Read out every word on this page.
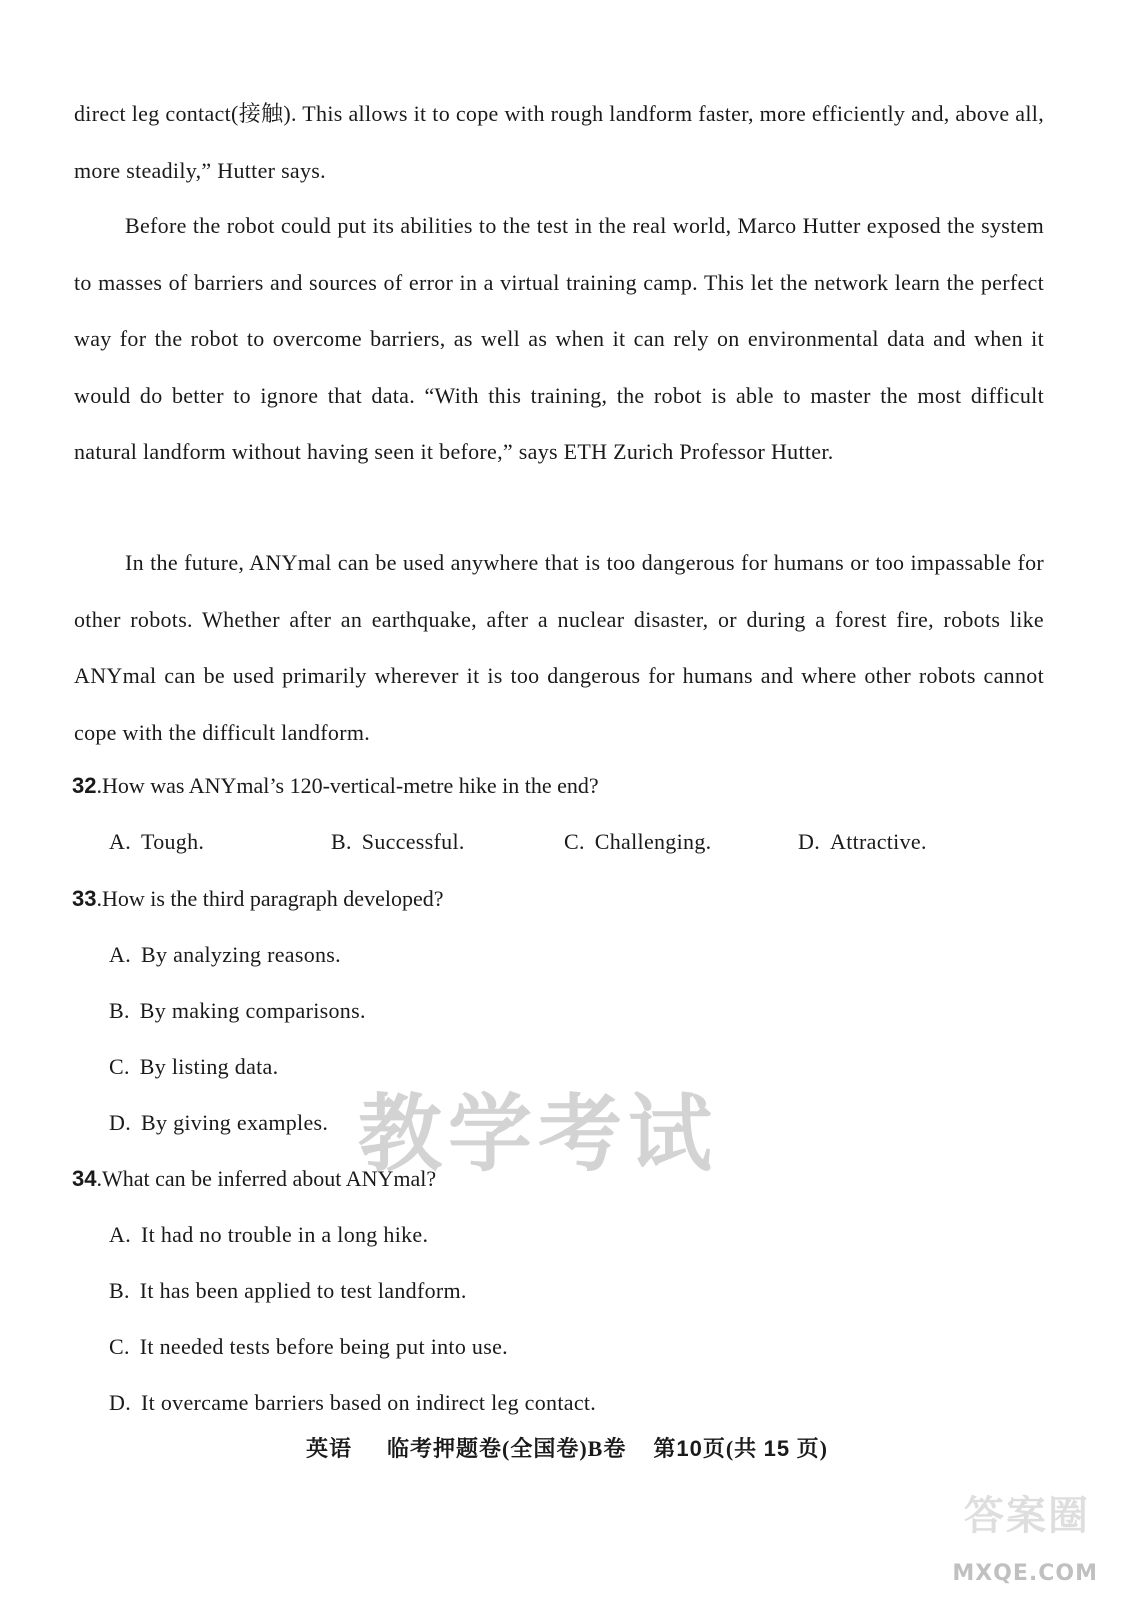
direct leg contact(接触). This allows it to cope with rough landform faster, more efficiently and, above all, more steadily,” Hutter says.

Before the robot could put its abilities to the test in the real world, Marco Hutter exposed the system to masses of barriers and sources of error in a virtual training camp. This let the network learn the perfect way for the robot to overcome barriers, as well as when it can rely on environmental data and when it would do better to ignore that data. “With this training, the robot is able to master the most difficult natural landform without having seen it before,” says ETH Zurich Professor Hutter.

In the future, ANYmal can be used anywhere that is too dangerous for humans or too impassable for other robots. Whether after an earthquake, after a nuclear disaster, or during a forest fire, robots like ANYmal can be used primarily wherever it is too dangerous for humans and where other robots cannot cope with the difficult landform.

32.How was ANYmal’s 120-vertical-metre hike in the end?
A. Tough.	B. Successful.	C. Challenging.	D. Attractive.
33.How is the third paragraph developed?
A. By analyzing reasons.
B. By making comparisons.
C. By listing data.
D. By giving examples.
34.What can be inferred about ANYmal?
A. It had no trouble in a long hike.
B. It has been applied to test landform.
C. It needed tests before being put into use.
D. It overcame barriers based on indirect leg contact.
教学考试
英语 临考押题卷(全国卷)B卷 第10页(共 15 页)
答案圈
MXQE.COM
